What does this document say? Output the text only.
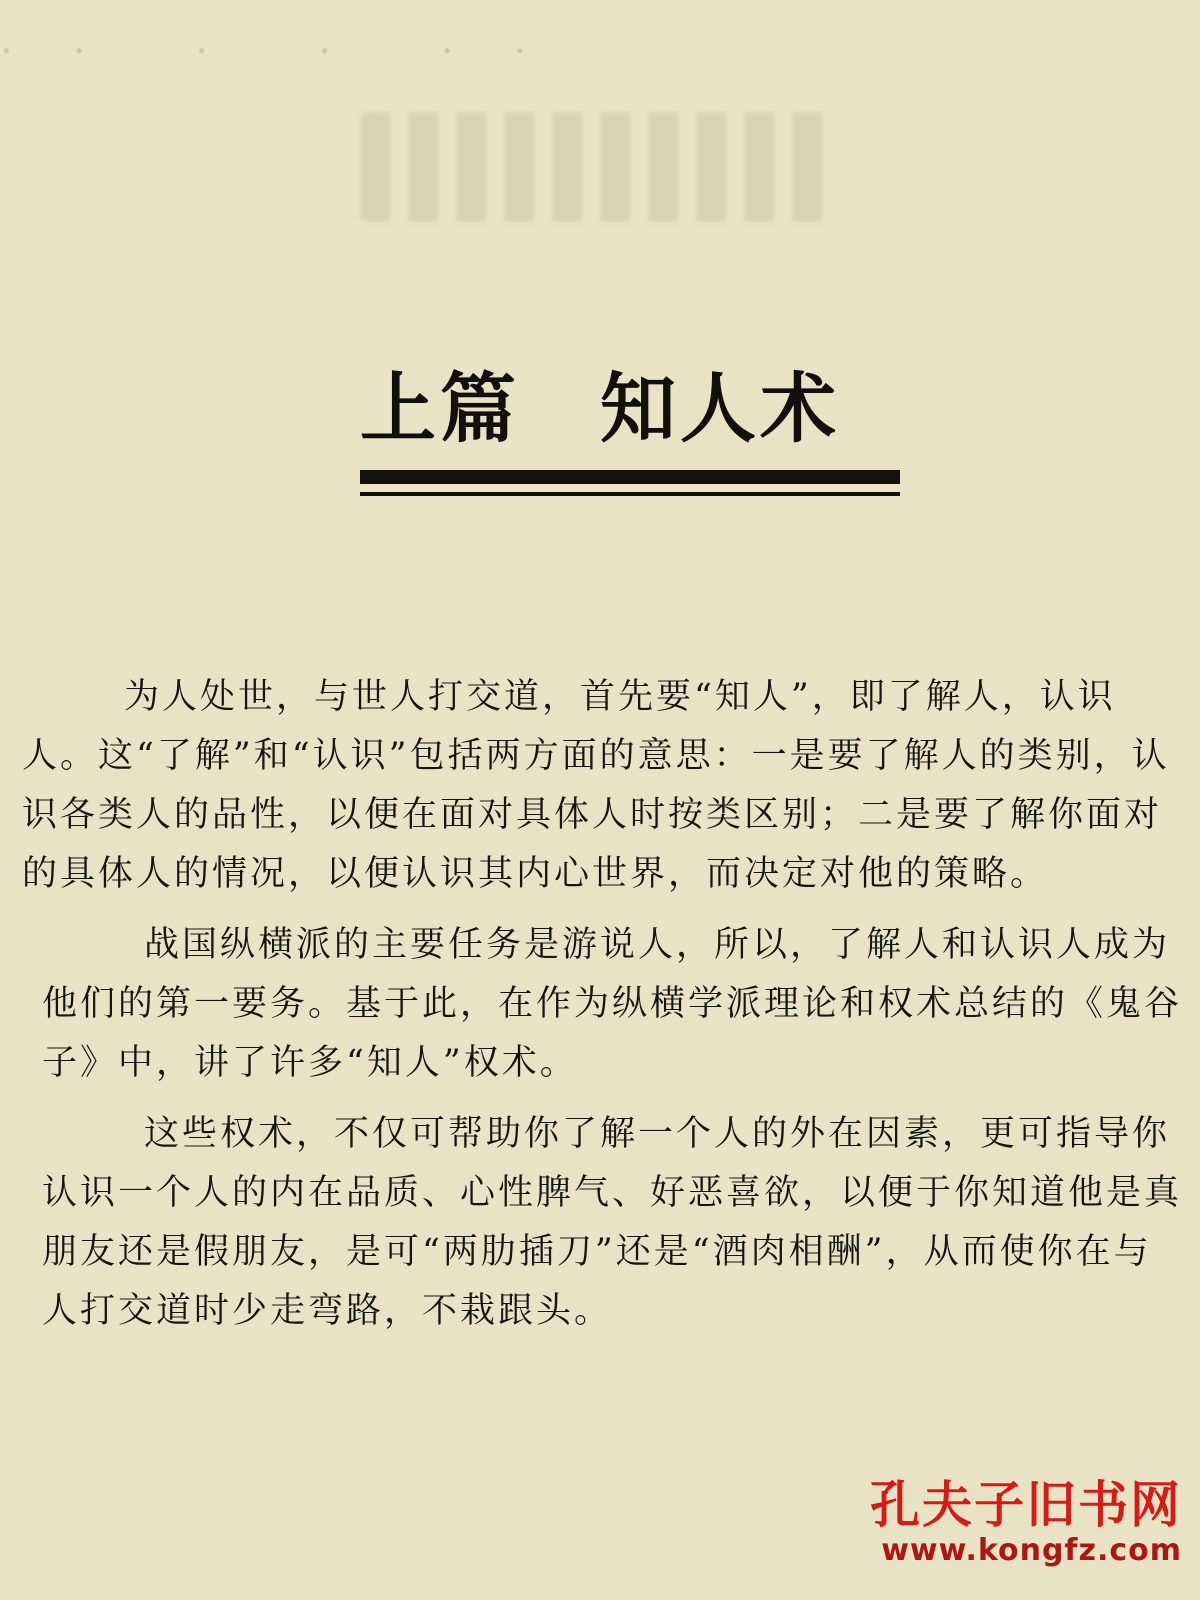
·　·　　·　　·　　·　·
上篇　知人术

为人处世，与世人打交道，首先要“知人”，即了解人，认识人。这“了解”和“认识”包括两方面的意思：一是要了解人的类别，认识各类人的品性，以便在面对具体人时按类区别；二是要了解你面对的具体人的情况，以便认识其内心世界，而决定对他的策略。

战国纵横派的主要任务是游说人，所以，了解人和认识人成为他们的第一要务。基于此，在作为纵横学派理论和权术总结的《鬼谷子》中，讲了许多“知人”权术。

这些权术，不仅可帮助你了解一个人的外在因素，更可指导你认识一个人的内在品质、心性脾气、好恶喜欲，以便于你知道他是真朋友还是假朋友，是可“两肋插刀”还是“酒肉相酬”，从而使你在与人打交道时少走弯路，不栽跟头。

孔夫子旧书网
www.kongfz.com
